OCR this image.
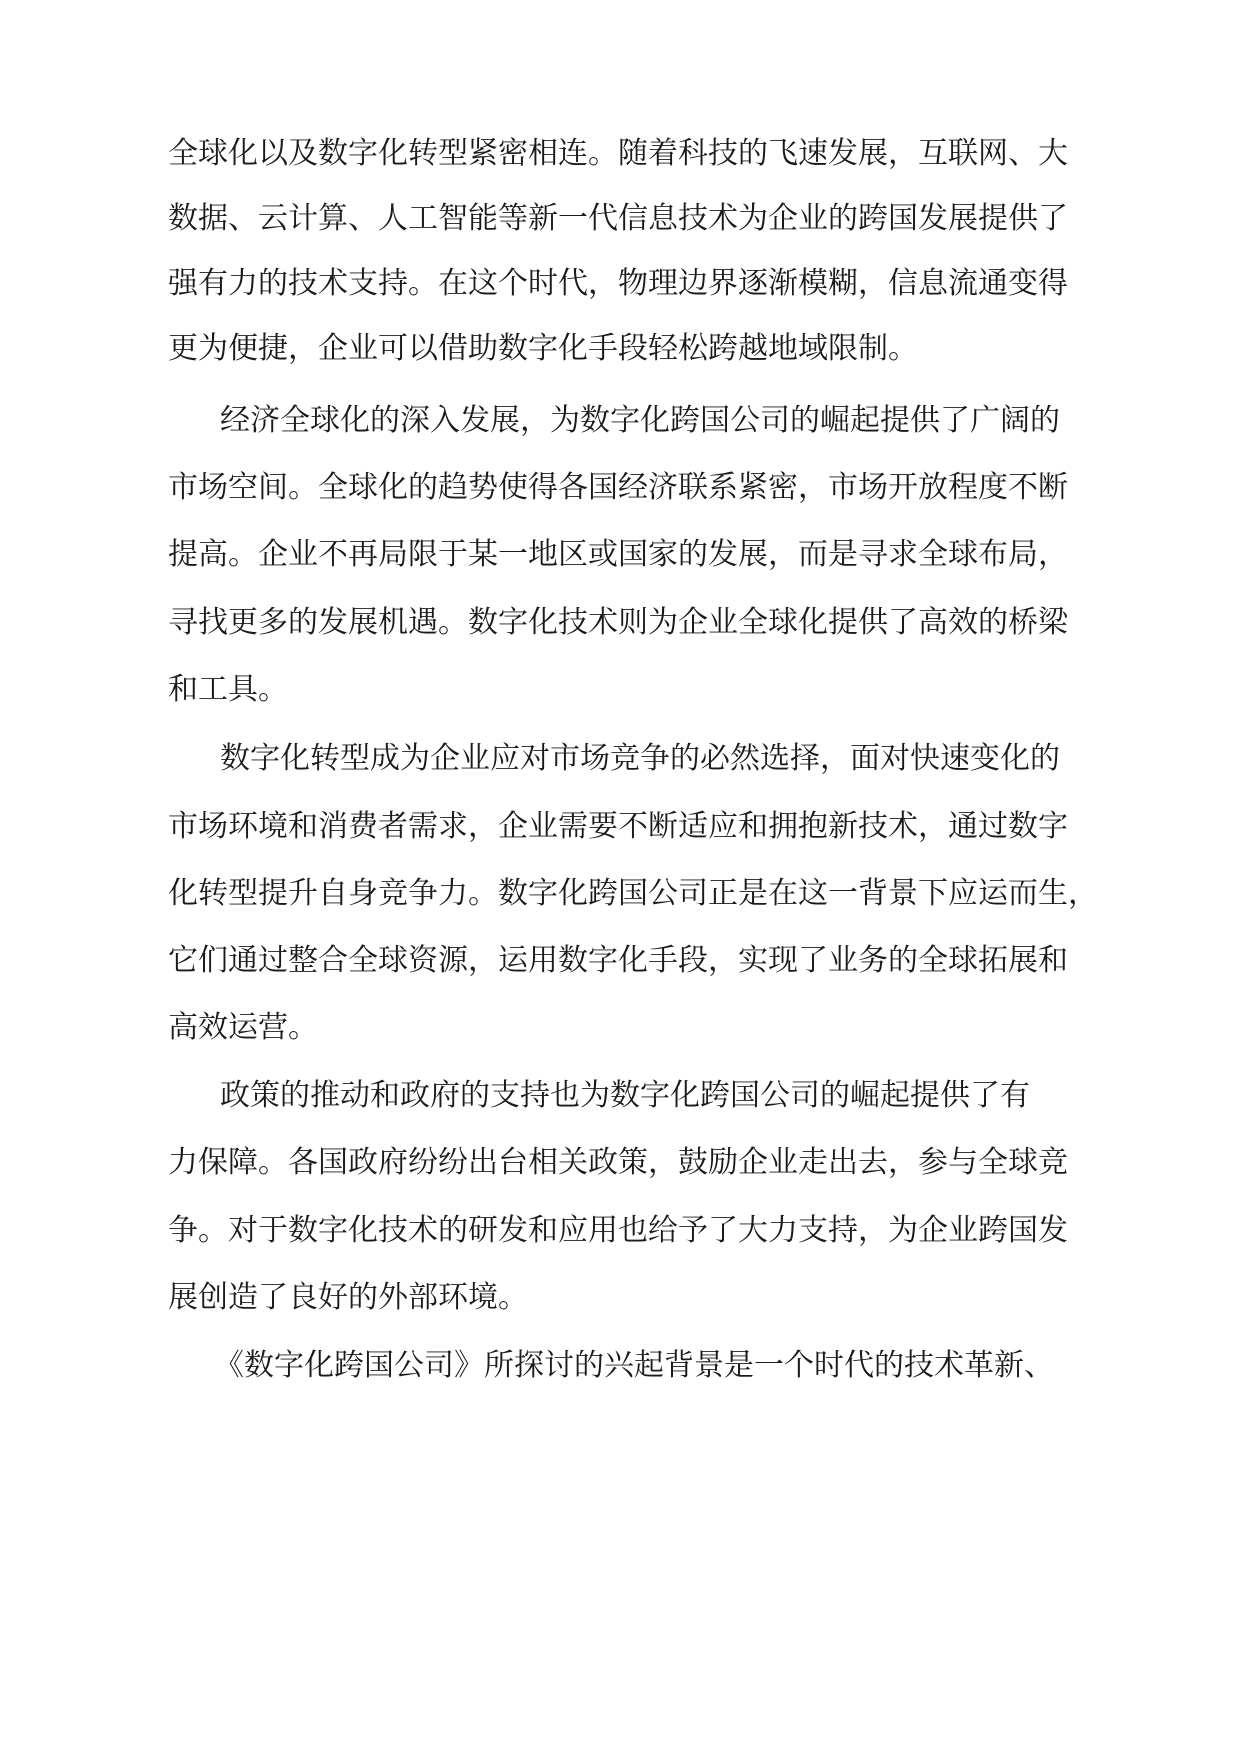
全球化以及数字化转型紧密相连。随着科技的飞速发展，互联网、大
数据、云计算、人工智能等新一代信息技术为企业的跨国发展提供了
强有力的技术支持。在这个时代，物理边界逐渐模糊，信息流通变得
更为便捷，企业可以借助数字化手段轻松跨越地域限制。
经济全球化的深入发展，为数字化跨国公司的崛起提供了广阔的
市场空间。全球化的趋势使得各国经济联系紧密，市场开放程度不断
提高。企业不再局限于某一地区或国家的发展，而是寻求全球布局，
寻找更多的发展机遇。数字化技术则为企业全球化提供了高效的桥梁
和工具。
数字化转型成为企业应对市场竞争的必然选择，面对快速变化的
市场环境和消费者需求，企业需要不断适应和拥抱新技术，通过数字
化转型提升自身竞争力。数字化跨国公司正是在这一背景下应运而生，
它们通过整合全球资源，运用数字化手段，实现了业务的全球拓展和
高效运营。
政策的推动和政府的支持也为数字化跨国公司的崛起提供了有
力保障。各国政府纷纷出台相关政策，鼓励企业走出去，参与全球竞
争。对于数字化技术的研发和应用也给予了大力支持，为企业跨国发
展创造了良好的外部环境。
《数字化跨国公司》所探讨的兴起背景是一个时代的技术革新、
